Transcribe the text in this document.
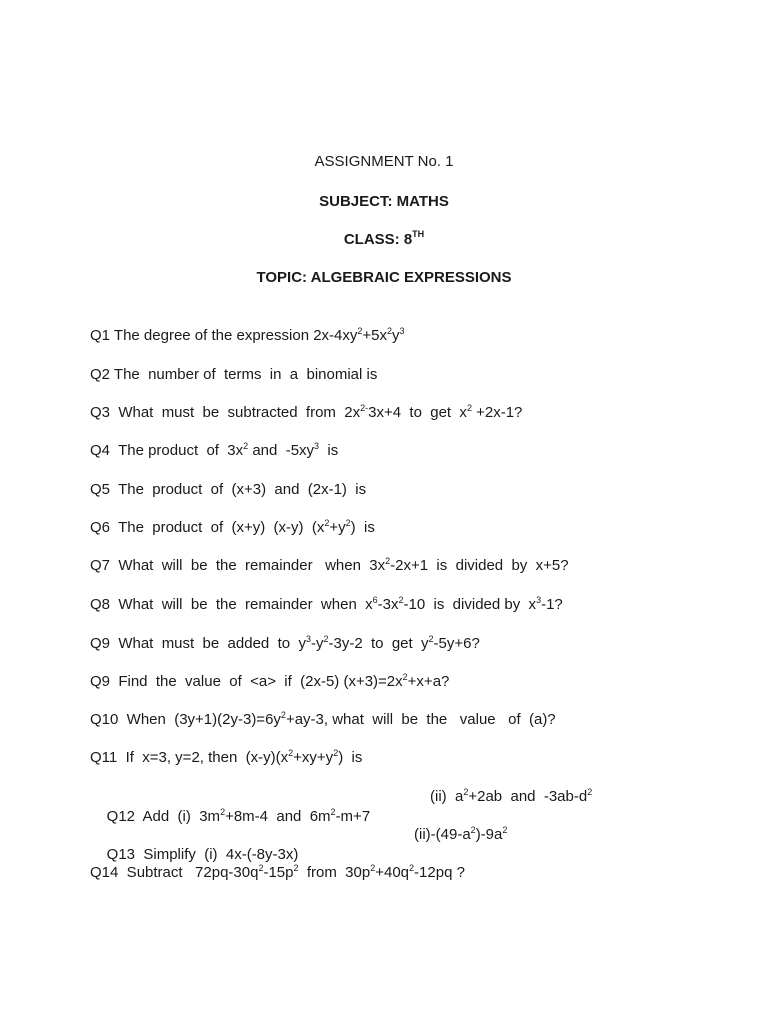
ASSIGNMENT No. 1
SUBJECT: MATHS
CLASS: 8TH
TOPIC: ALGEBRAIC EXPRESSIONS
Q1 The degree of the expression $2x-4xy^2+5x^2y^3$
Q2 The  number of  terms  in  a  binomial is
Q3  What  must  be  subtracted  from  $2x^{2-}3x+4$  to  get  $x^2 +2x-1$?
Q4  The product  of  $3x^2$ and  $-5xy^3$  is
Q5  The  product  of  (x+3)  and  (2x-1)  is
Q6  The  product  of  (x+y)  (x-y)  $(x^2+y^2)$  is
Q7  What  will  be  the  remainder   when  $3x^2-2x+1$  is  divided  by  x+5?
Q8  What  will  be  the  remainder  when  $x^6-3x^2-10$  is  divided by  $x^3-1$?
Q9  What  must  be  added  to  $y^3-y^2-3y-2$  to  get  $y^2-5y+6$?
Q9  Find  the  value  of  <a>  if  (2x-5) $(x+3)=2x^2+x+a$?
Q10  When  $(3y+1)(2y-3)=6y^2+ay-3$, what  will  be  the   value   of  (a)?
Q11  If  x=3, y=2, then  $(x-y)(x^2+xy+y^2)$  is

Q12  Add  (i)  $3m^2+8m-4$  and  $6m^2-m+7$

(ii)  $a^2+2ab$  and  $-3ab-d^2$

Q13  Simplify  (i)  4x-(-8y-3x)

$(ii)-(49-a^2)-9a^2$

Q14  Subtract   $72pq-30q^2-15p^2$  from  $30p^2+40q^2-12pq$ ?
